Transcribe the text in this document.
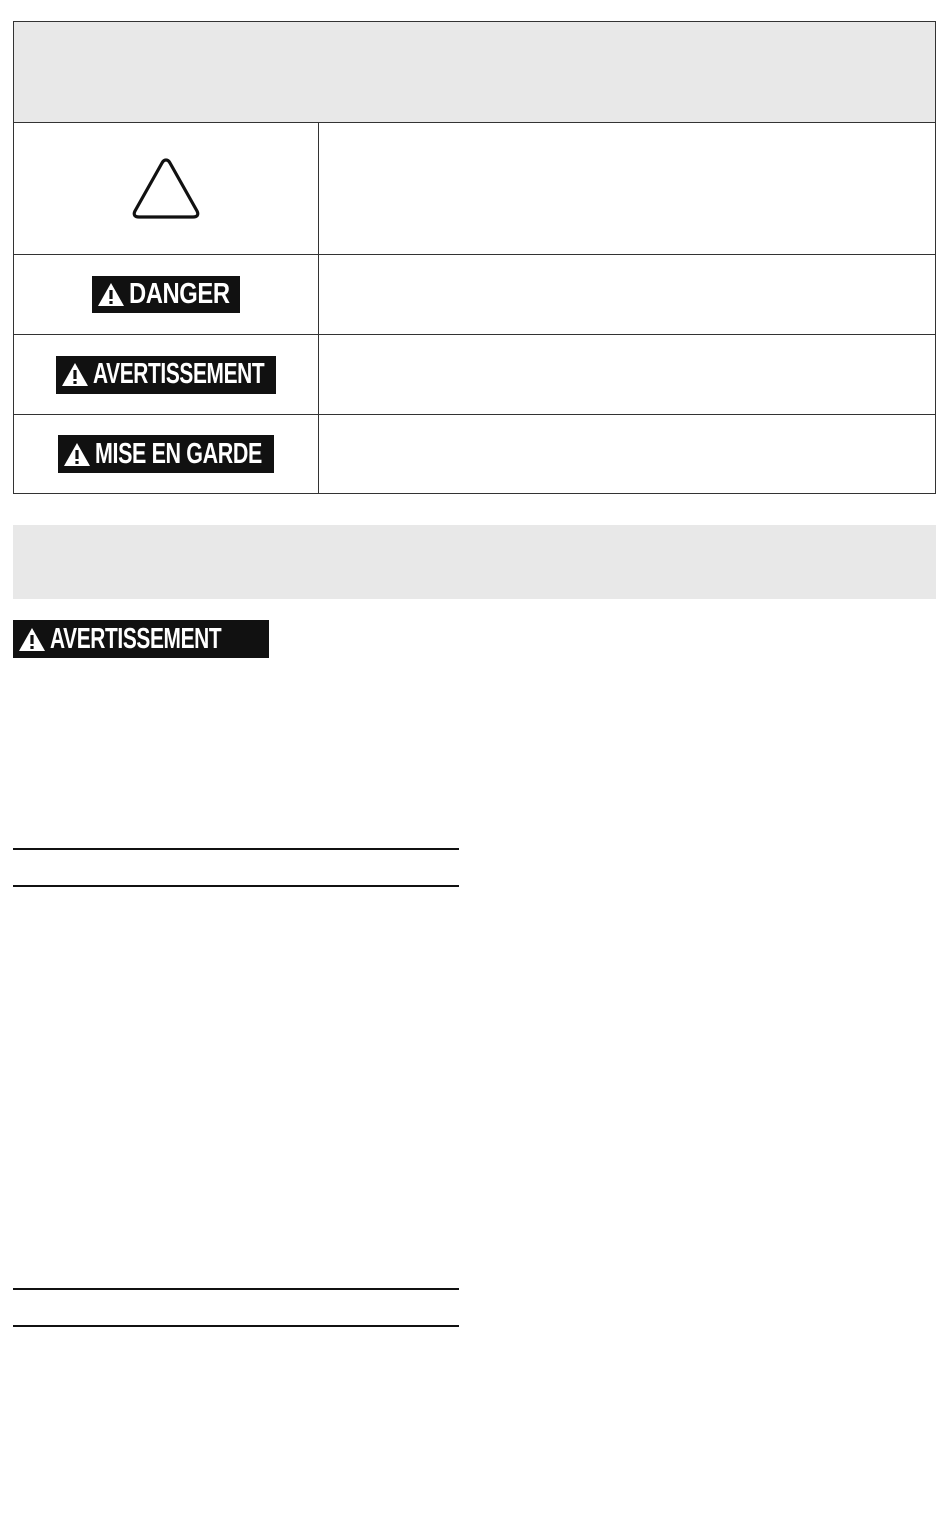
DANGER
AVERTISSEMENT
MISE EN GARDE
AVERTISSEMENT
